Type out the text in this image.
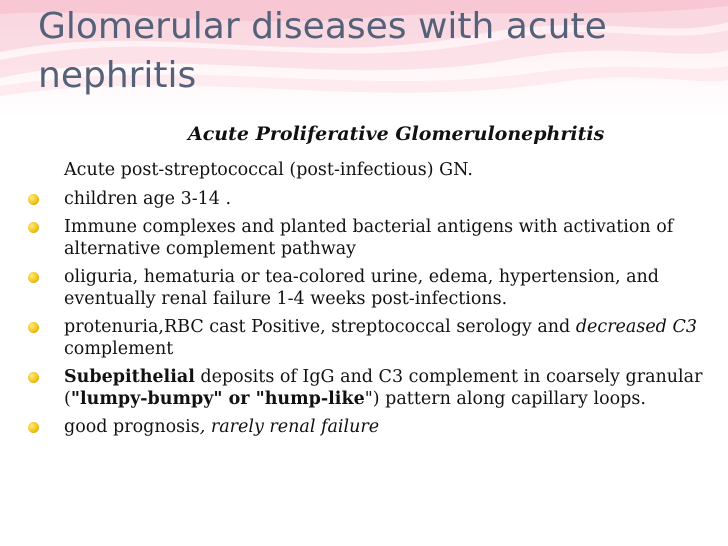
Glomerular diseases with acute nephritis
Acute Proliferative Glomerulonephritis

Acute post-streptococcal (post-infectious) GN.

children age 3-14 .
Immune complexes and planted bacterial antigens with activation of alternative complement pathway
oliguria, hematuria or tea-colored urine, edema, hypertension, and eventually renal failure 1-4 weeks post-infections.
protenuria,RBC cast Positive, streptococcal serology and decreased C3 complement
Subepithelial deposits of IgG and C3 complement in coarsely granular ("lumpy-bumpy" or "hump-like") pattern along capillary loops.
good prognosis, rarely renal failure
